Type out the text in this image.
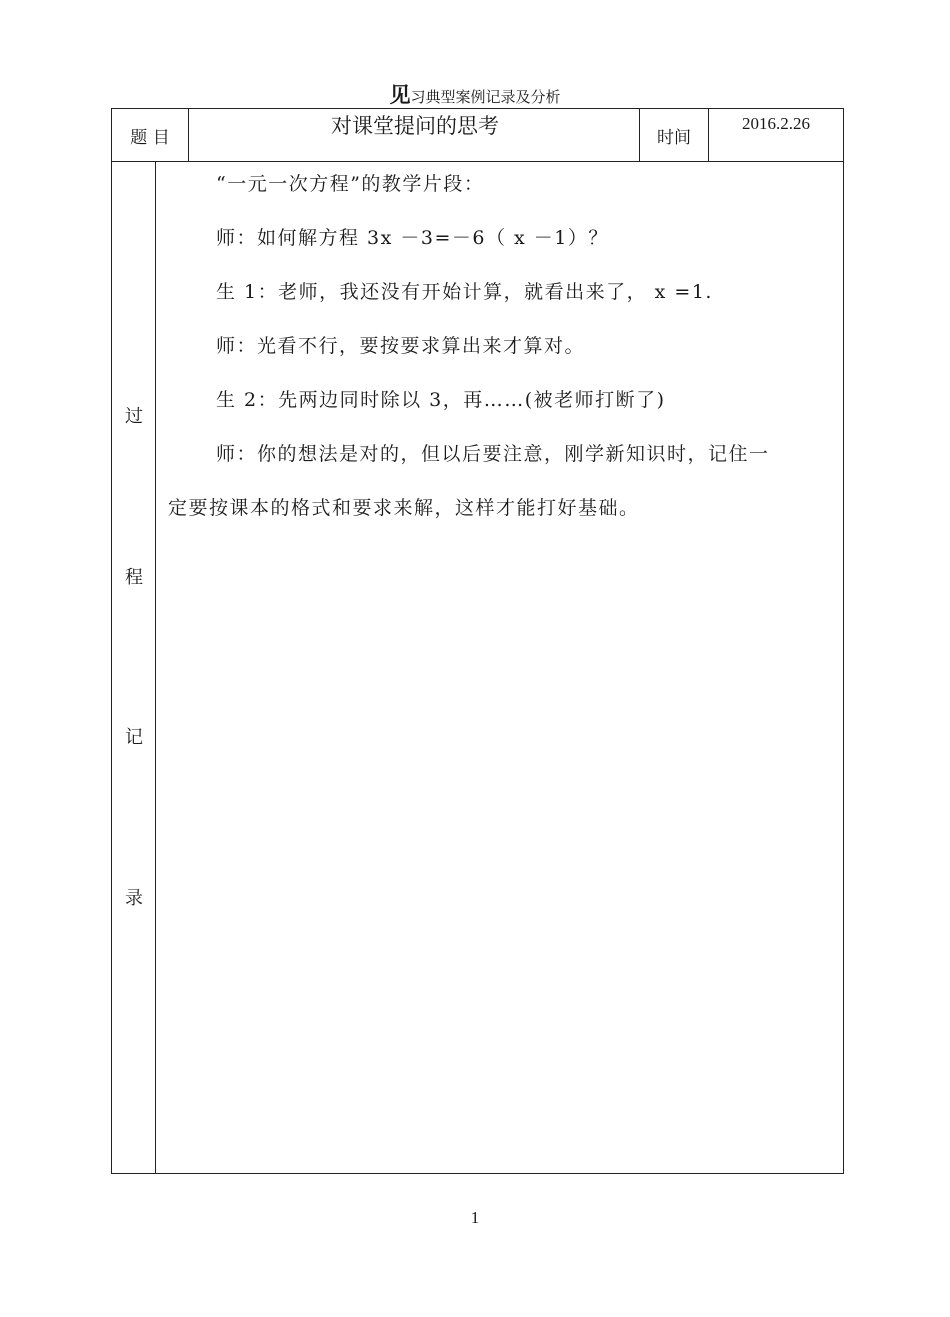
见习典型案例记录及分析
题 目	对课堂提问的思考	时间
2016.2.26
过
程
记
录

“一元一次方程”的教学片段：

师：如何解方程 3x －3=－6（ x －1）？

生 1：老师，我还没有开始计算，就看出来了， x =1.

师：光看不行，要按要求算出来才算对。

生 2：先两边同时除以 3，再……(被老师打断了)

师：你的想法是对的，但以后要注意，刚学新知识时，记住一

定要按课本的格式和要求来解，这样才能打好基础。

1
